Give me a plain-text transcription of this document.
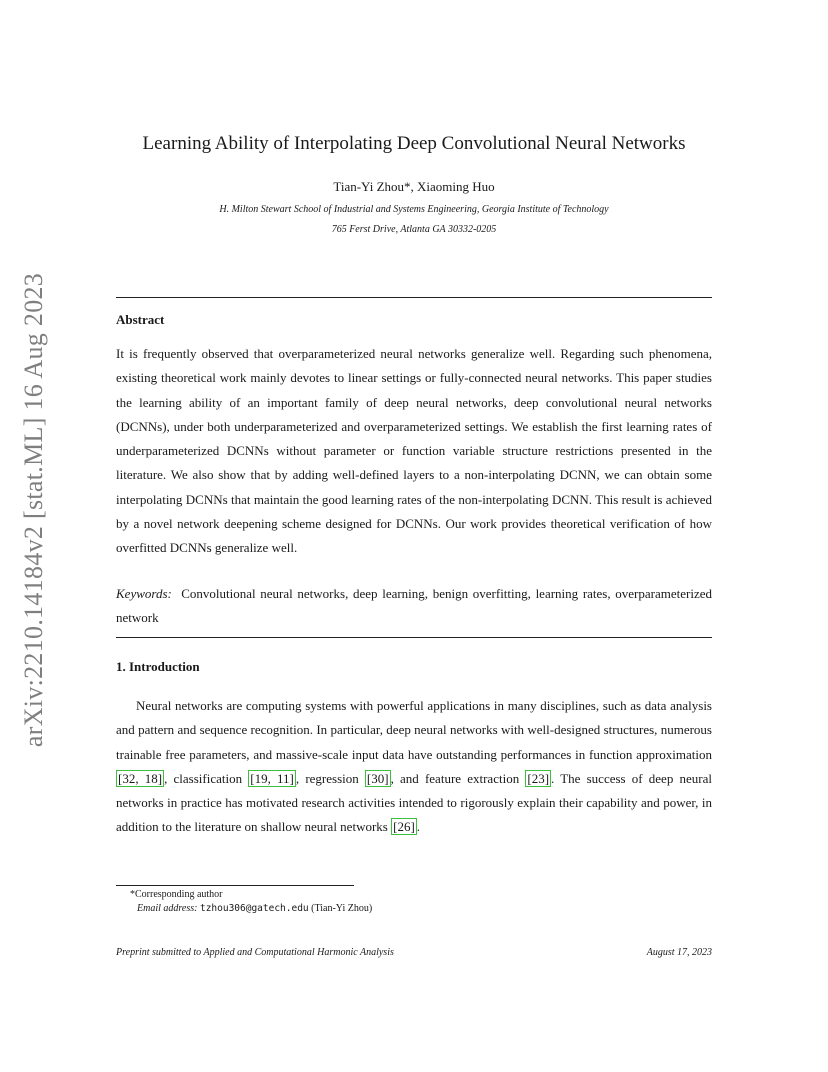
arXiv:2210.14184v2 [stat.ML] 16 Aug 2023
Learning Ability of Interpolating Deep Convolutional Neural Networks
Tian-Yi Zhou*, Xiaoming Huo
H. Milton Stewart School of Industrial and Systems Engineering, Georgia Institute of Technology
765 Ferst Drive, Atlanta GA 30332-0205
Abstract
It is frequently observed that overparameterized neural networks generalize well. Regarding such phenomena, existing theoretical work mainly devotes to linear settings or fully-connected neural networks. This paper studies the learning ability of an important family of deep neural networks, deep convolutional neural networks (DCNNs), under both underparameterized and overparameterized settings. We establish the first learning rates of underparameterized DCNNs without parameter or function variable structure restrictions presented in the literature. We also show that by adding well-defined layers to a non-interpolating DCNN, we can obtain some interpolating DCNNs that maintain the good learning rates of the non-interpolating DCNN. This result is achieved by a novel network deepening scheme designed for DCNNs. Our work provides theoretical verification of how overfitted DCNNs generalize well.
Keywords: Convolutional neural networks, deep learning, benign overfitting, learning rates, overparameterized network
1. Introduction
Neural networks are computing systems with powerful applications in many disciplines, such as data analysis and pattern and sequence recognition. In particular, deep neural networks with well-designed structures, numerous trainable free parameters, and massive-scale input data have outstanding performances in function approximation [32, 18] , classification [19, 11] , regression [30] , and feature extraction [23] . The success of deep neural networks in practice has motivated research activities intended to rigorously explain their capability and power, in addition to the literature on shallow neural networks [26] .
*Corresponding author
Email address: tzhou306@gatech.edu (Tian-Yi Zhou)
Preprint submitted to Applied and Computational Harmonic Analysis	August 17, 2023
